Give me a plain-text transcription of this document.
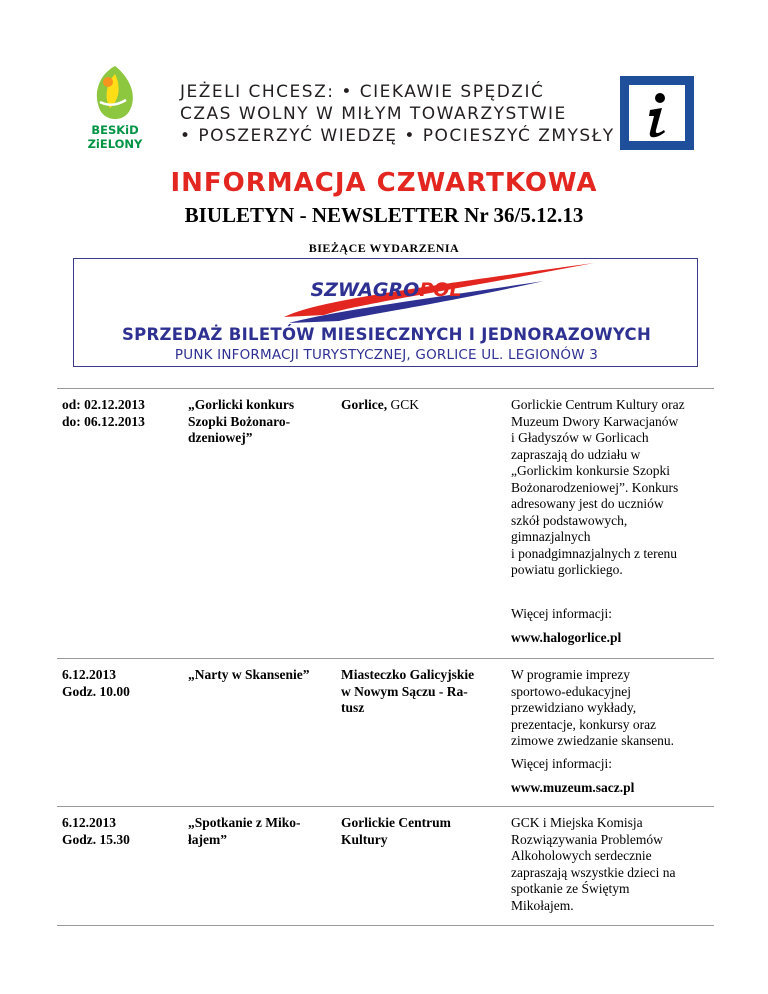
BESKiD
ZiELONY
JEŻELI CHCESZ: • CIEKAWIE SPĘDZIĆ
CZAS WOLNY W MIŁYM TOWARZYSTWIE
• POSZERZYĆ WIEDZĘ • POCIESZYĆ ZMYSŁY
INFORMACJA CZWARTKOWA
BIULETYN - NEWSLETTER Nr 36/5.12.13
BIEŻĄCE WYDARZENIA
SZWAGROPOL
SPRZEDAŻ BILETÓW MIESIECZNYCH I JEDNORAZOWYCH
PUNK INFORMACJI TURYSTYCZNEJ, GORLICE UL. LEGIONÓW 3
od: 02.12.2013
do: 06.12.2013
„Gorlicki konkurs
Szopki Bożonaro-
dzeniowej”
Gorlice, GCK	Gorlickie Centrum Kultury oraz
Muzeum Dwory Karwacjanów
i Gładyszów w Gorlicach
zapraszają do udziału w
„Gorlickim konkursie Szopki
Bożonarodzeniowej”. Konkurs
adresowany jest do uczniów
szkół podstawowych,
gimnazjalnych
i ponadgimnazjalnych z terenu
powiatu gorlickiego.
Więcej informacji:
www.halogorlice.pl
6.12.2013
Godz. 10.00
„Narty w Skansenie”	Miasteczko Galicyjskie
w Nowym Sączu - Ra-
tusz
W programie imprezy
sportowo-edukacyjnej
przewidziano wykłady,
prezentacje, konkursy oraz
zimowe zwiedzanie skansenu.
Więcej informacji:
www.muzeum.sacz.pl
6.12.2013
Godz. 15.30
„Spotkanie z Miko-
łajem”
Gorlickie Centrum
Kultury
GCK i Miejska Komisja
Rozwiązywania Problemów
Alkoholowych serdecznie
zapraszają wszystkie dzieci na
spotkanie ze Świętym
Mikołajem.
